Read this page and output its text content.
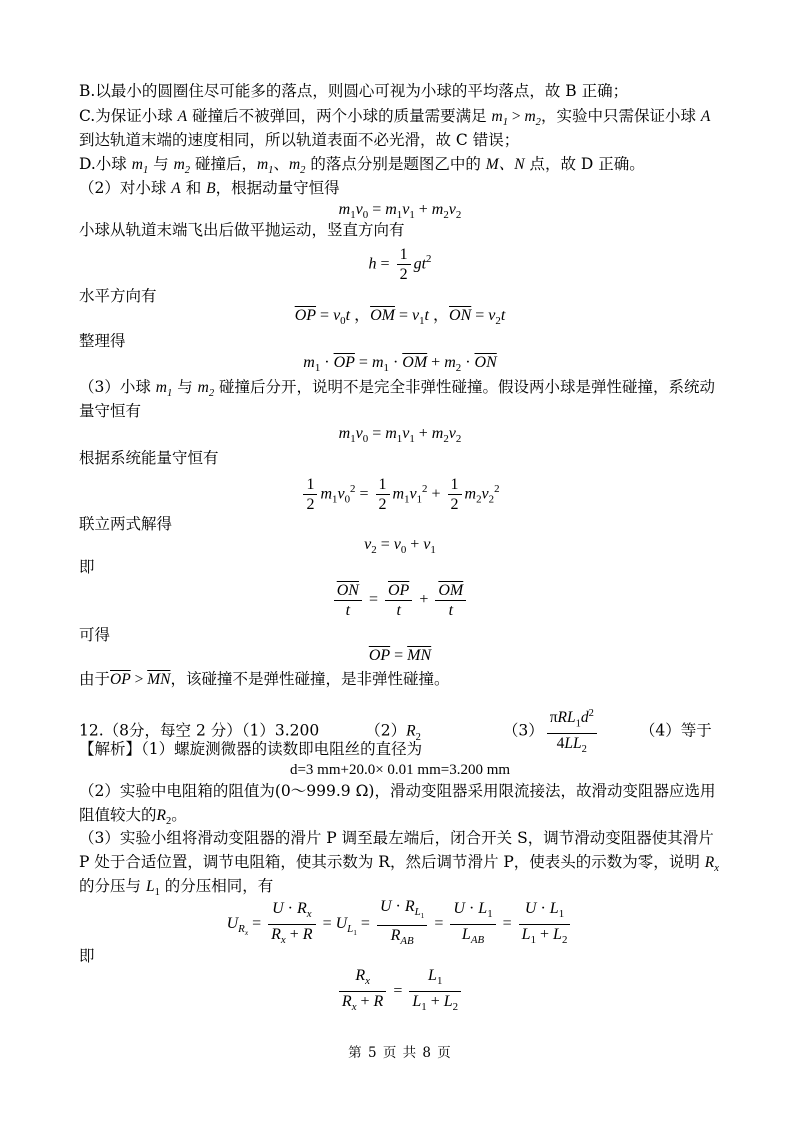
B.以最小的圆圈住尽可能多的落点，则圆心可视为小球的平均落点，故 B 正确；
C.为保证小球 A 碰撞后不被弹回，两个小球的质量需要满足 $m_1 > m_2$，实验中只需保证小球 A
到达轨道末端的速度相同，所以轨道表面不必光滑，故 C 错误；
D.小球 $m_1$ 与 $m_2$ 碰撞后，$m_1$、$m_2$ 的落点分别是题图乙中的 M、N 点，故 D 正确。
（2）对小球 A 和 B，根据动量守恒得
$m_1v_0 = m_1v_1 + m_2v_2$
小球从轨道末端飞出后做平抛运动，竖直方向有
$h = \frac{1}{2} gt^2$
水平方向有
$\overline{OP} = v_0t$ ，$\overline{OM} = v_1t$ ，$\overline{ON} = v_2t$
整理得
$m_1 \cdot \overline{OP} = m_1 \cdot \overline{OM} + m_2 \cdot \overline{ON}$
（3）小球 $m_1$ 与 $m_2$ 碰撞后分开，说明不是完全非弹性碰撞。假设两小球是弹性碰撞，系统动
量守恒有
$m_1v_0 = m_1v_1 + m_2v_2$
根据系统能量守恒有
$\frac{1}{2} m_1v_0^2 = \frac{1}{2} m_1v_1^2 + \frac{1}{2} m_2v_2^2$
联立两式解得
$v_2 = v_0 + v_1$
即
$\frac{\overline{ON}}{t} = \frac{\overline{OP}}{t} + \frac{\overline{OM}}{t}$
可得
$\overline{OP} = \overline{MN}$
由于$\overline{OP} > \overline{MN}$，该碰撞不是弹性碰撞，是非弹性碰撞。
12.（8分，每空 2 分）（1）3.200	$(2)R_2$	$(3) \frac{\pi RL_1d^2}{4LL_2}$	（4）等于
【解析】（1）螺旋测微器的读数即电阻丝的直径为
d=3 mm+20.0× 0.01 mm=3.200 mm
（2）实验中电阻箱的阻值为(0～999.9 Ω)，滑动变阻器采用限流接法，故滑动变阻器应选用
阻值较大的$R_2$。
（3）实验小组将滑动变阻器的滑片 P 调至最左端后，闭合开关 S，调节滑动变阻器使其滑片
P 处于合适位置，调节电阻箱，使其示数为 R，然后调节滑片 P，使表头的示数为零，说明 $R_x$
的分压与 $L_1$ 的分压相同，有
$U_{R_x} = \frac{U \cdot R_x}{R_x + R} = U_{L_1} = \frac{U \cdot R_{L_1}}{R_{AB}} = \frac{U \cdot L_1}{L_{AB}} = \frac{U \cdot L_1}{L_1 + L_2}$
即
$\frac{R_x}{R_x + R} = \frac{L_1}{L_1 + L_2}$
第 5 页 共 8 页
